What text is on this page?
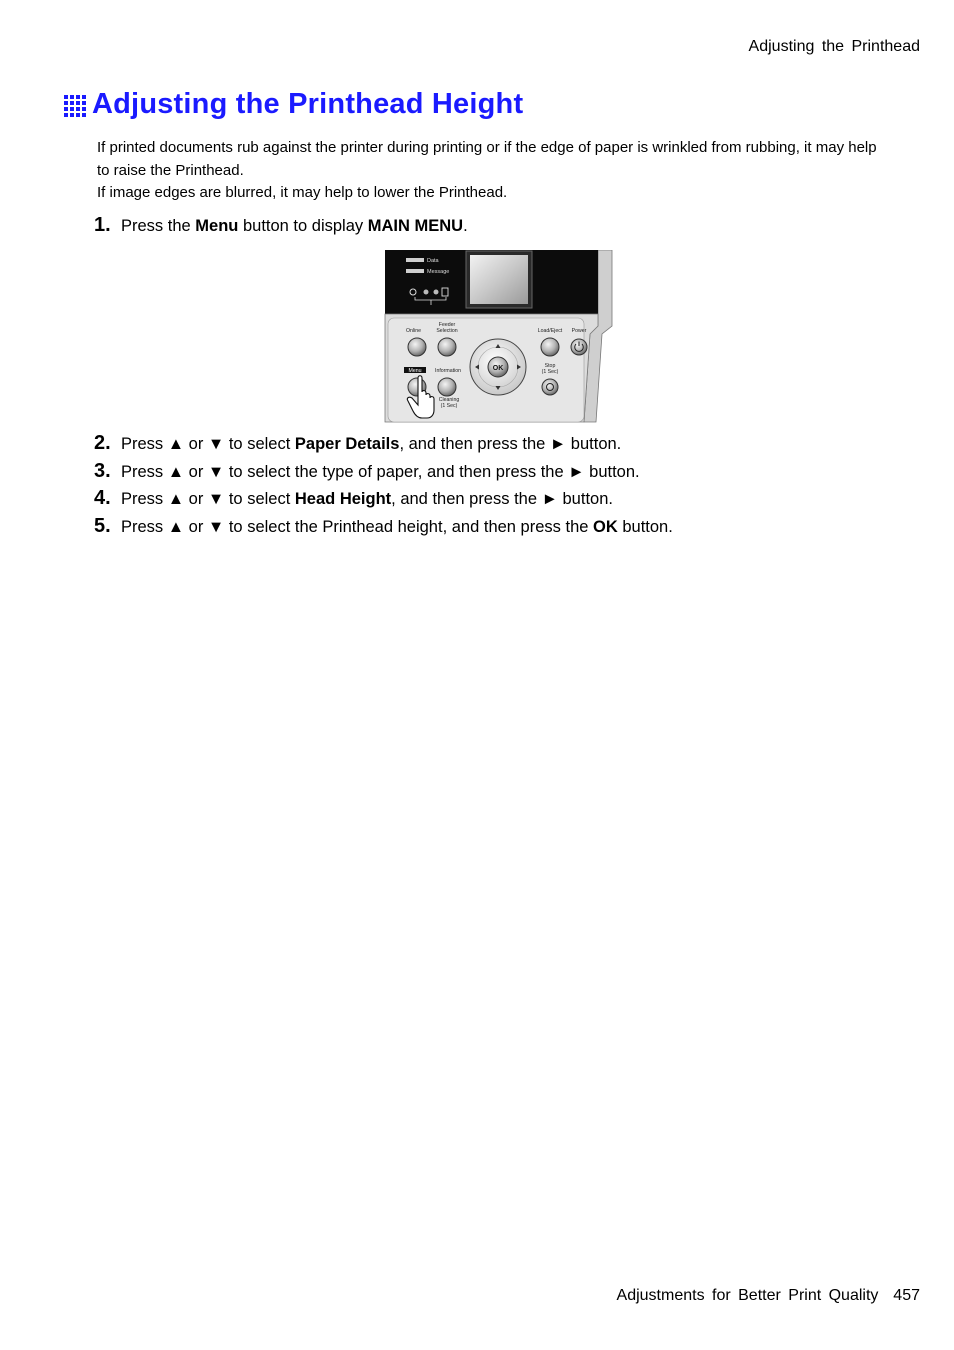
Adjusting the Printhead
Adjusting the Printhead Height

If printed documents rub against the printer during printing or if the edge of paper is wrinkled from rubbing, it may help to raise the Printhead.

If image edges are blurred, it may help to lower the Printhead.

1. Press the Menu button to display MAIN MENU.
Data
Message
Online
Feeder
Selection	Load/Eject Power
Menu	Information
Cleaning
(1 Sec)
Stop
(1 Sec)
OK
2. Press ▲ or ▼ to select Paper Details, and then press the ► button.
3. Press ▲ or ▼ to select the type of paper, and then press the ► button.
4. Press ▲ or ▼ to select Head Height, and then press the ► button.
5. Press ▲ or ▼ to select the Printhead height, and then press the OK button.
Adjustments for Better Print Quality 457
